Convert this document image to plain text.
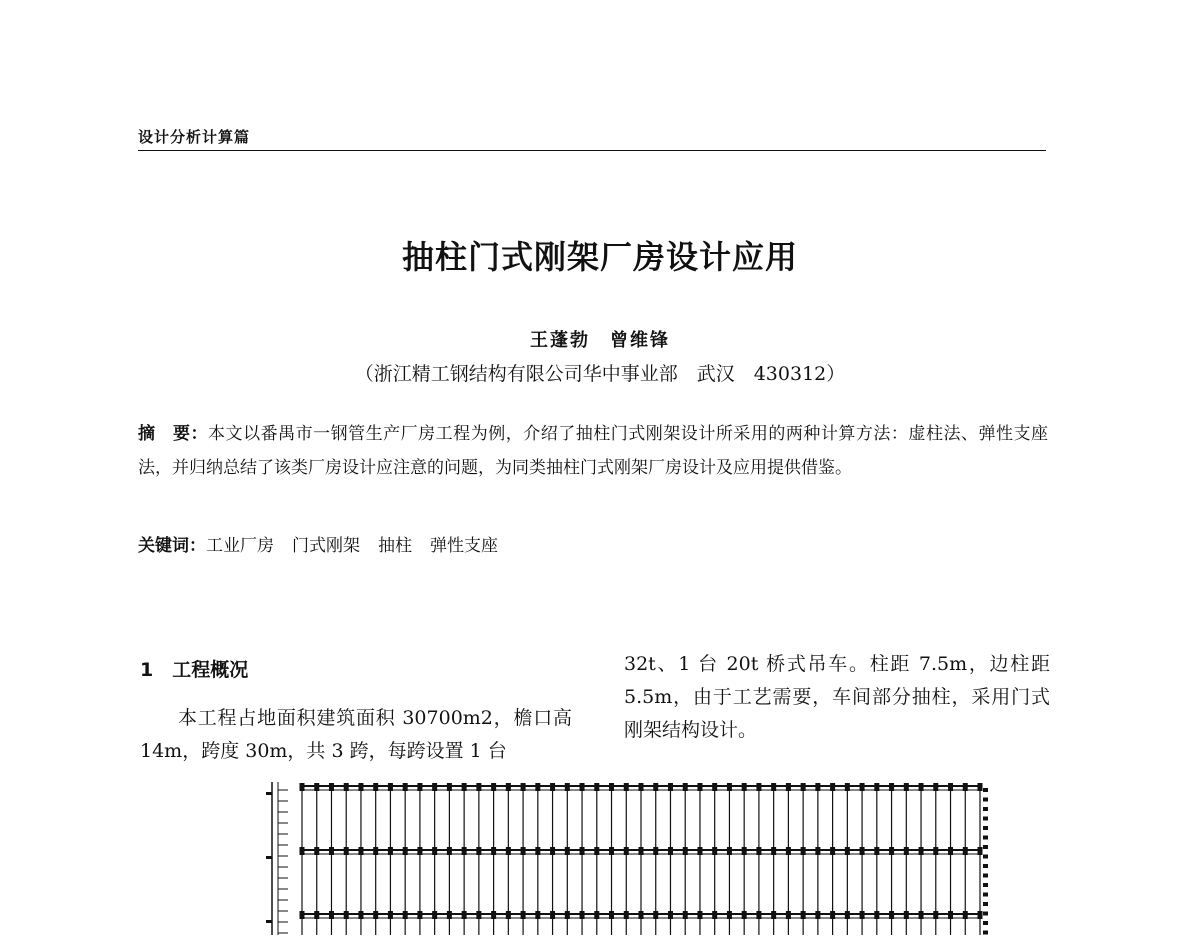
设计分析计算篇
抽柱门式刚架厂房设计应用
王蓬勃　曾维锋
（浙江精工钢结构有限公司华中事业部　武汉　430312）
摘　要：本文以番禺市一钢管生产厂房工程为例，介绍了抽柱门式刚架设计所采用的两种计算方法：虚柱法、弹性支座法，并归纳总结了该类厂房设计应注意的问题，为同类抽柱门式刚架厂房设计及应用提供借鉴。
关键词：工业厂房 门式刚架 抽柱 弹性支座
1　工程概况
本工程占地面积建筑面积 30700m2，檐口高 14m，跨度 30m，共 3 跨，每跨设置 1 台
32t、1 台 20t 桥式吊车。柱距 7.5m，边柱距 5.5m，由于工艺需要，车间部分抽柱，采用门式刚架结构设计。
